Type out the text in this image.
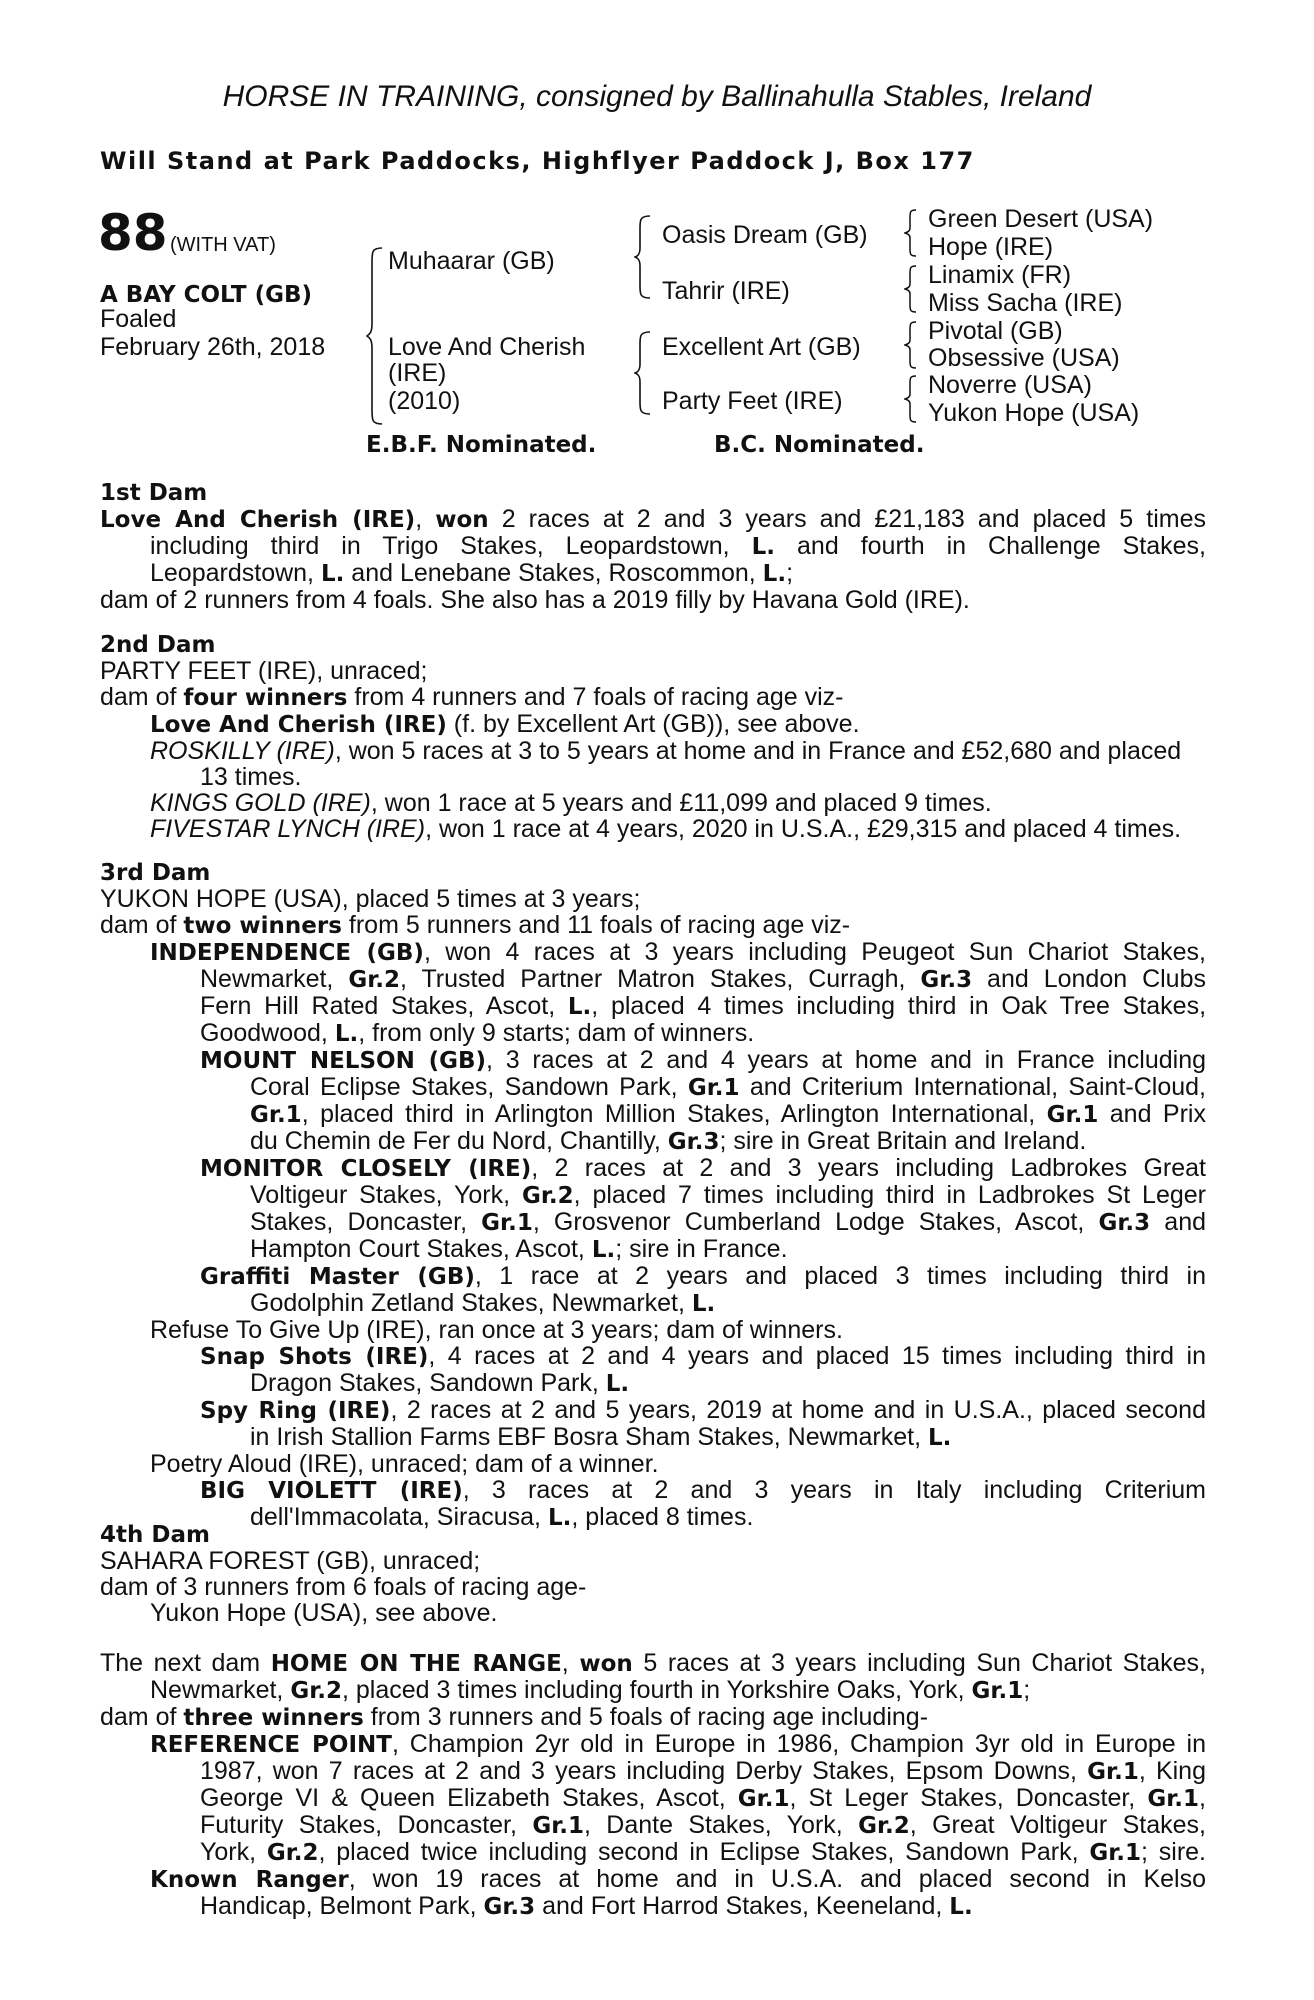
HORSE IN TRAINING, consigned by Ballinahulla Stables, Ireland
Will Stand at Park Paddocks, Highflyer Paddock J, Box 177
88 (WITH VAT)
A BAY COLT (GB)
Foaled
February 26th, 2018
Muhaarar (GB)
Love And Cherish
(IRE)
(2010)
Oasis Dream (GB)
Tahrir (IRE)
Excellent Art (GB)
Party Feet (IRE)
Green Desert (USA)
Hope (IRE)
Linamix (FR)
Miss Sacha (IRE)
Pivotal (GB)
Obsessive (USA)
Noverre (USA)
Yukon Hope (USA)
E.B.F. Nominated.	B.C. Nominated.
1st Dam
Love And Cherish (IRE), won 2 races at 2 and 3 years and £21,183 and placed 5 times
including third in Trigo Stakes, Leopardstown, L. and fourth in Challenge Stakes,
Leopardstown, L. and Lenebane Stakes, Roscommon, L.;
dam of 2 runners from 4 foals. She also has a 2019 filly by Havana Gold (IRE).
2nd Dam
PARTY FEET (IRE), unraced;
dam of four winners from 4 runners and 7 foals of racing age viz-
Love And Cherish (IRE) (f. by Excellent Art (GB)), see above.
ROSKILLY (IRE), won 5 races at 3 to 5 years at home and in France and £52,680 and placed
13 times.
KINGS GOLD (IRE), won 1 race at 5 years and £11,099 and placed 9 times.
FIVESTAR LYNCH (IRE), won 1 race at 4 years, 2020 in U.S.A., £29,315 and placed 4 times.
3rd Dam
YUKON HOPE (USA), placed 5 times at 3 years;
dam of two winners from 5 runners and 11 foals of racing age viz-
INDEPENDENCE (GB), won 4 races at 3 years including Peugeot Sun Chariot Stakes,
Newmarket, Gr.2, Trusted Partner Matron Stakes, Curragh, Gr.3 and London Clubs
Fern Hill Rated Stakes, Ascot, L., placed 4 times including third in Oak Tree Stakes,
Goodwood, L., from only 9 starts; dam of winners.
MOUNT NELSON (GB), 3 races at 2 and 4 years at home and in France including
Coral Eclipse Stakes, Sandown Park, Gr.1 and Criterium International, Saint-Cloud,
Gr.1, placed third in Arlington Million Stakes, Arlington International, Gr.1 and Prix
du Chemin de Fer du Nord, Chantilly, Gr.3; sire in Great Britain and Ireland.
MONITOR CLOSELY (IRE), 2 races at 2 and 3 years including Ladbrokes Great
Voltigeur Stakes, York, Gr.2, placed 7 times including third in Ladbrokes St Leger
Stakes, Doncaster, Gr.1, Grosvenor Cumberland Lodge Stakes, Ascot, Gr.3 and
Hampton Court Stakes, Ascot, L.; sire in France.
Graffiti Master (GB), 1 race at 2 years and placed 3 times including third in
Godolphin Zetland Stakes, Newmarket, L.
Refuse To Give Up (IRE), ran once at 3 years; dam of winners.
Snap Shots (IRE), 4 races at 2 and 4 years and placed 15 times including third in
Dragon Stakes, Sandown Park, L.
Spy Ring (IRE), 2 races at 2 and 5 years, 2019 at home and in U.S.A., placed second
in Irish Stallion Farms EBF Bosra Sham Stakes, Newmarket, L.
Poetry Aloud (IRE), unraced; dam of a winner.
BIG VIOLETT (IRE), 3 races at 2 and 3 years in Italy including Criterium
dell'Immacolata, Siracusa, L., placed 8 times.
4th Dam
SAHARA FOREST (GB), unraced;
dam of 3 runners from 6 foals of racing age-
Yukon Hope (USA), see above.
The next dam HOME ON THE RANGE, won 5 races at 3 years including Sun Chariot Stakes,
Newmarket, Gr.2, placed 3 times including fourth in Yorkshire Oaks, York, Gr.1;
dam of three winners from 3 runners and 5 foals of racing age including-
REFERENCE POINT, Champion 2yr old in Europe in 1986, Champion 3yr old in Europe in
1987, won 7 races at 2 and 3 years including Derby Stakes, Epsom Downs, Gr.1, King
George VI & Queen Elizabeth Stakes, Ascot, Gr.1, St Leger Stakes, Doncaster, Gr.1,
Futurity Stakes, Doncaster, Gr.1, Dante Stakes, York, Gr.2, Great Voltigeur Stakes,
York, Gr.2, placed twice including second in Eclipse Stakes, Sandown Park, Gr.1; sire.
Known Ranger, won 19 races at home and in U.S.A. and placed second in Kelso
Handicap, Belmont Park, Gr.3 and Fort Harrod Stakes, Keeneland, L.
